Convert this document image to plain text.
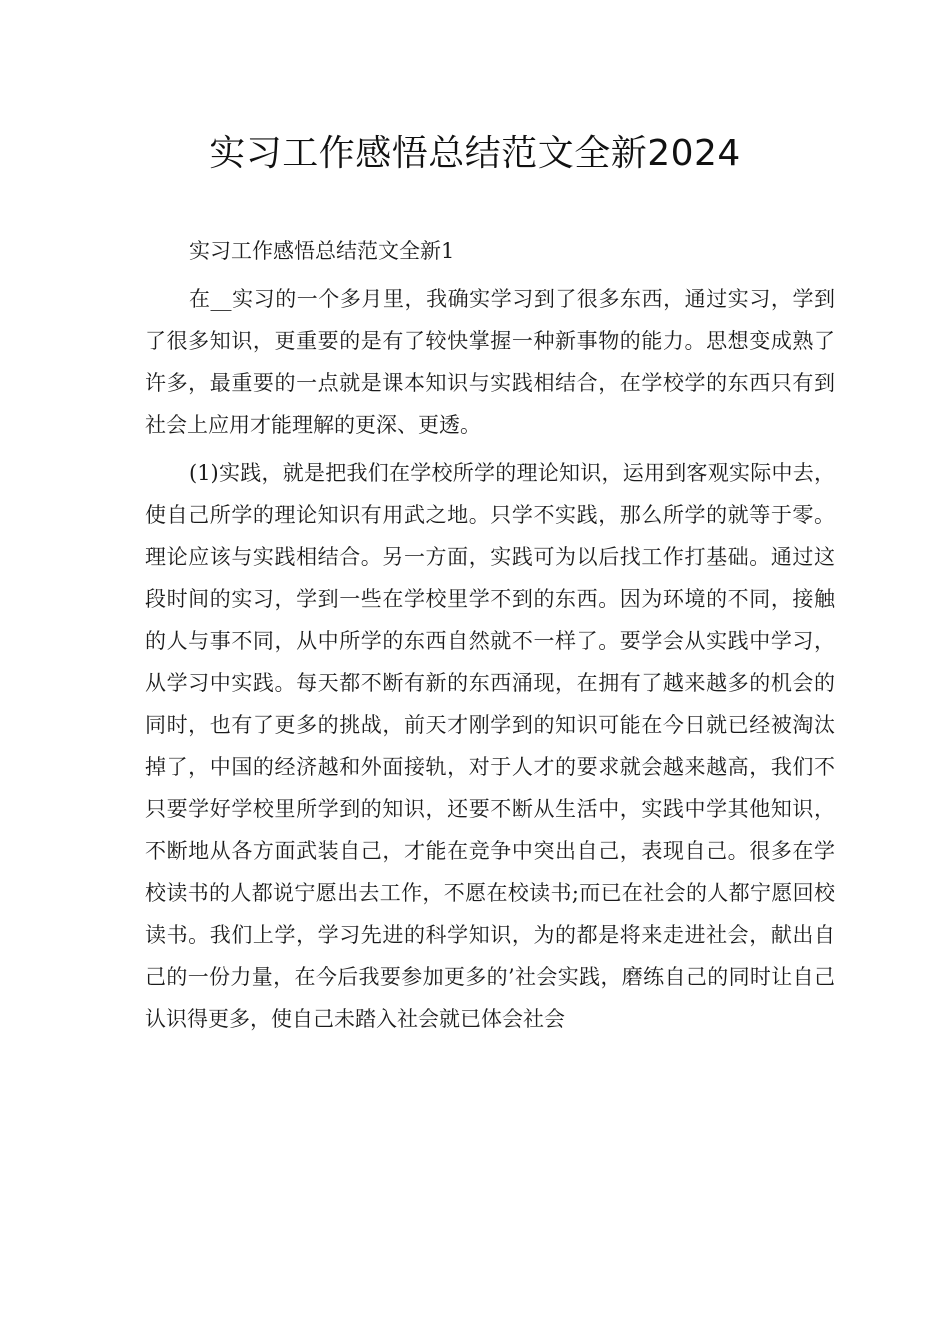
实习工作感悟总结范文全新2024

实习工作感悟总结范文全新1

在__实习的一个多月里，我确实学习到了很多东西，通过实习，学到了很多知识，更重要的是有了较快掌握一种新事物的能力。思想变成熟了许多，最重要的一点就是课本知识与实践相结合，在学校学的东西只有到社会上应用才能理解的更深、更透。

(1)实践，就是把我们在学校所学的理论知识，运用到客观实际中去，使自己所学的理论知识有用武之地。只学不实践，那么所学的就等于零。理论应该与实践相结合。另一方面，实践可为以后找工作打基础。通过这段时间的实习，学到一些在学校里学不到的东西。因为环境的不同，接触的人与事不同，从中所学的东西自然就不一样了。要学会从实践中学习，从学习中实践。每天都不断有新的东西涌现，在拥有了越来越多的机会的同时，也有了更多的挑战，前天才刚学到的知识可能在今日就已经被淘汰掉了，中国的经济越和外面接轨，对于人才的要求就会越来越高，我们不只要学好学校里所学到的知识，还要不断从生活中，实践中学其他知识，不断地从各方面武装自己，才能在竞争中突出自己，表现自己。很多在学校读书的人都说宁愿出去工作，不愿在校读书;而已在社会的人都宁愿回校读书。我们上学，学习先进的科学知识，为的都是将来走进社会，献出自己的一份力量，在今后我要参加更多的’社会实践，磨练自己的同时让自己认识得更多，使自己未踏入社会就已体会社会
